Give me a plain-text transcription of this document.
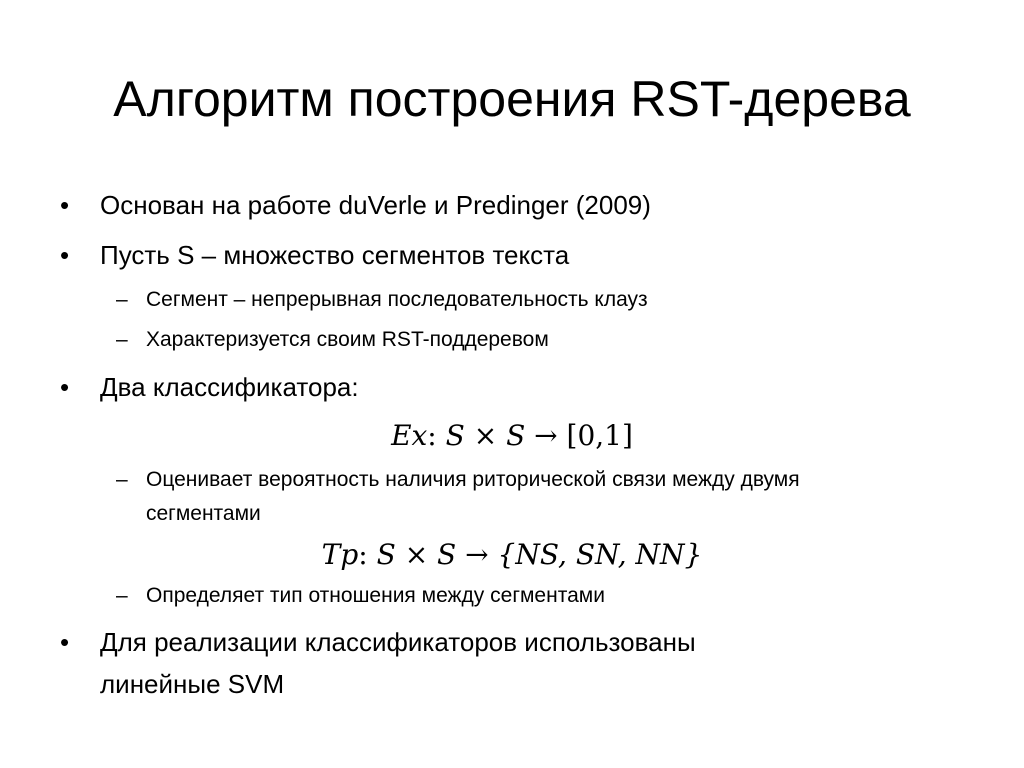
Алгоритм построения RST-дерева
•	Основан на работе duVerle и Predinger (2009)
•	Пусть S – множество сегментов текста
– Сегмент – непрерывная последовательность клауз
– Характеризуется своим RST-поддеревом
•	Два классификатора:
Ex: S × S → [0,1]
– Оценивает вероятность наличия риторической связи между двумя
сегментами
Tp: S × S → {NS, SN, NN}
– Определяет тип отношения между сегментами
•	Для реализации классификаторов использованы
линейные SVM
